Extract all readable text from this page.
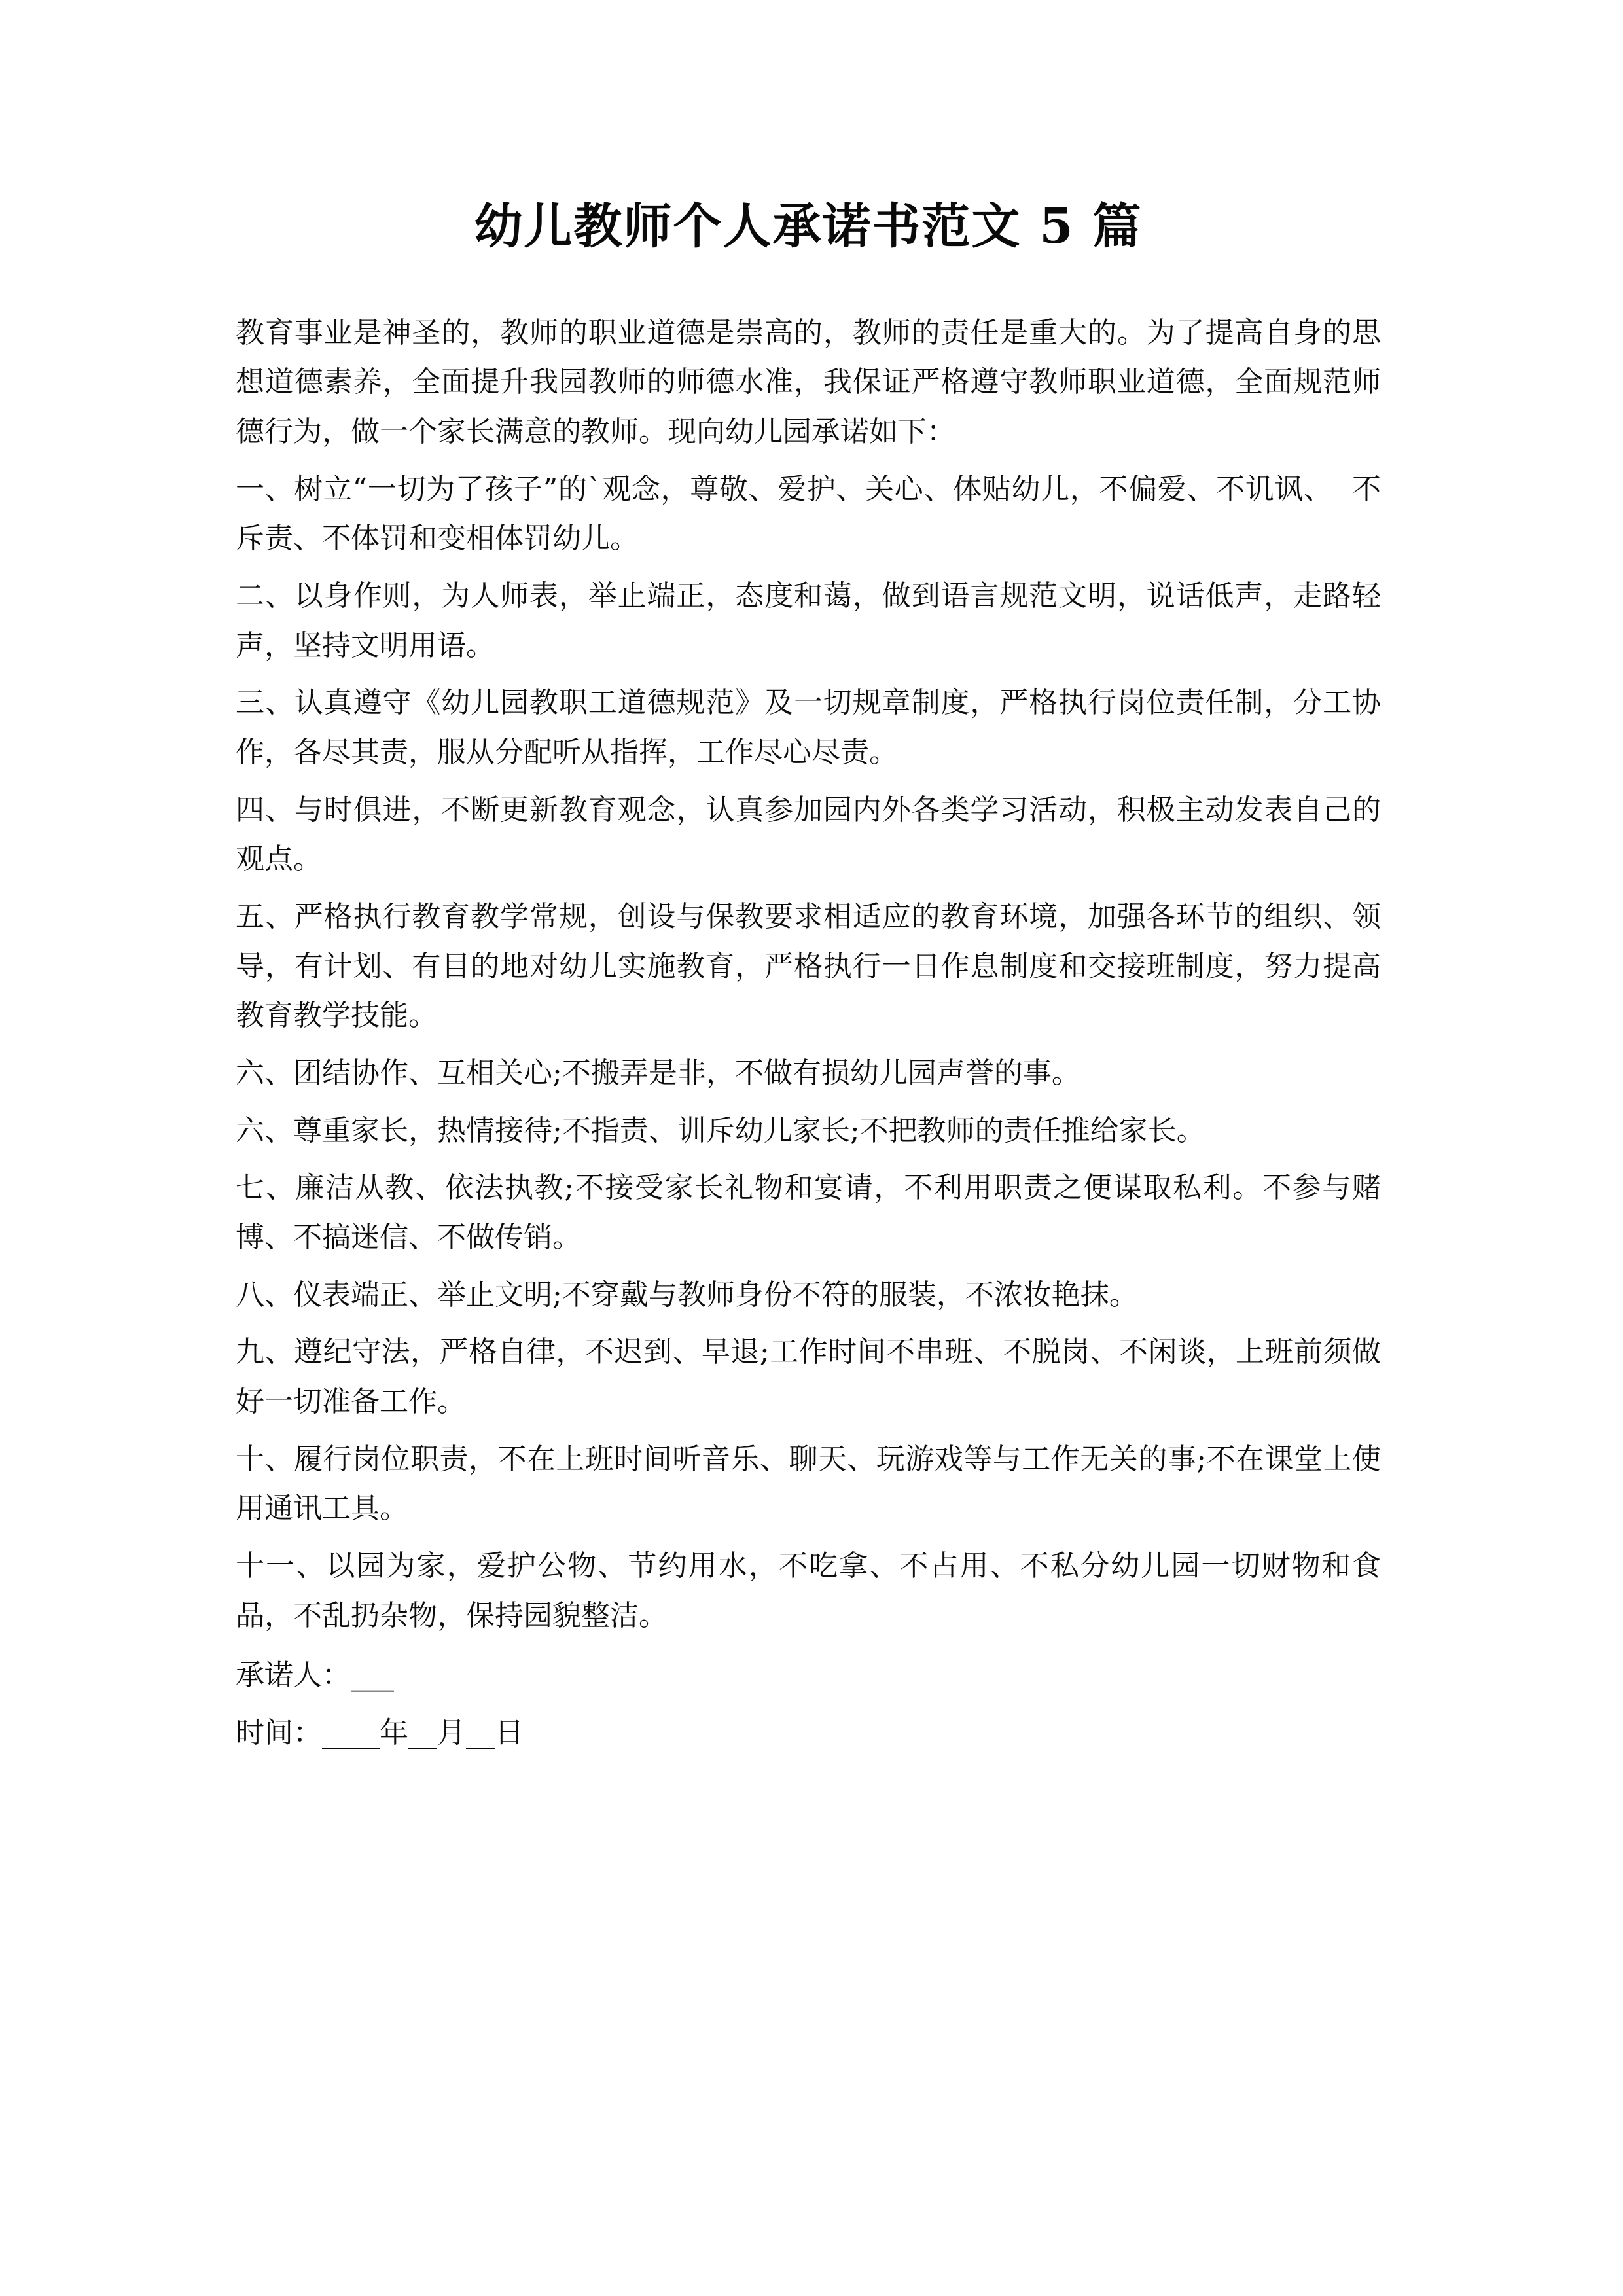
幼儿教师个人承诺书范文 5 篇

教育事业是神圣的，教师的职业道德是崇高的，教师的责任是重大的。为了提高自身的思想道德素养，全面提升我园教师的师德水准，我保证严格遵守教师职业道德，全面规范师德行为，做一个家长满意的教师。现向幼儿园承诺如下：

一、树立“一切为了孩子”的`观念，尊敬、爱护、关心、体贴幼儿，不偏爱、不讥讽、  不斥责、不体罚和变相体罚幼儿。

二、以身作则，为人师表，举止端正，态度和蔼，做到语言规范文明，说话低声，走路轻声，坚持文明用语。

三、认真遵守《幼儿园教职工道德规范》及一切规章制度，严格执行岗位责任制，分工协作，各尽其责，服从分配听从指挥，工作尽心尽责。

四、与时俱进，不断更新教育观念，认真参加园内外各类学习活动，积极主动发表自己的观点。

五、严格执行教育教学常规，创设与保教要求相适应的教育环境，加强各环节的组织、领导，有计划、有目的地对幼儿实施教育，严格执行一日作息制度和交接班制度，努力提高教育教学技能。

六、团结协作、互相关心;不搬弄是非，不做有损幼儿园声誉的事。

六、尊重家长，热情接待;不指责、训斥幼儿家长;不把教师的责任推给家长。

七、廉洁从教、依法执教;不接受家长礼物和宴请，不利用职责之便谋取私利。不参与赌博、不搞迷信、不做传销。

八、仪表端正、举止文明;不穿戴与教师身份不符的服装，不浓妆艳抹。

九、遵纪守法，严格自律，不迟到、早退;工作时间不串班、不脱岗、不闲谈，上班前须做好一切准备工作。

十、履行岗位职责，不在上班时间听音乐、聊天、玩游戏等与工作无关的事;不在课堂上使用通讯工具。

十一、以园为家，爱护公物、节约用水，不吃拿、不占用、不私分幼儿园一切财物和食品，不乱扔杂物，保持园貌整洁。

承诺人：___

时间：____年__月__日
